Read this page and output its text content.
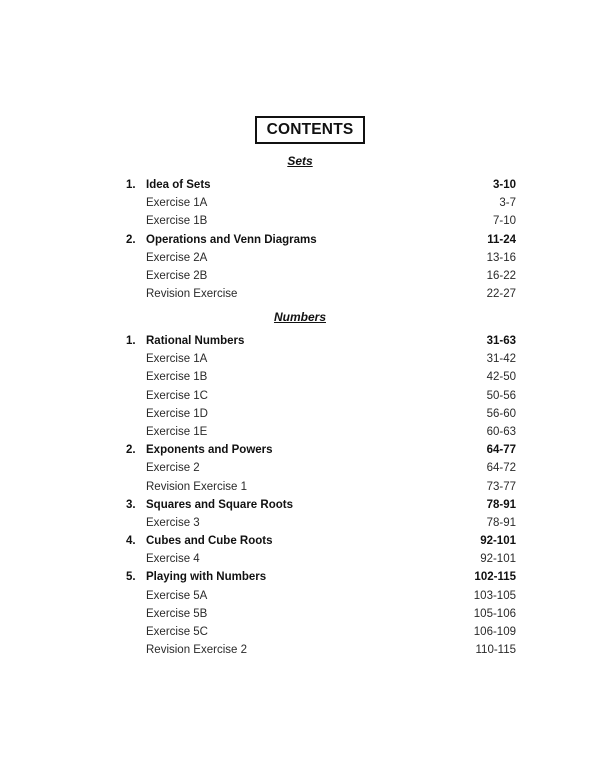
CONTENTS
Sets
1. Idea of Sets	3-10
Exercise 1A	3-7
Exercise 1B	7-10
2. Operations and Venn Diagrams	11-24
Exercise 2A	13-16
Exercise 2B	16-22
Revision Exercise	22-27
Numbers
1. Rational Numbers	31-63
Exercise 1A	31-42
Exercise 1B	42-50
Exercise 1C	50-56
Exercise 1D	56-60
Exercise 1E	60-63
2. Exponents and Powers	64-77
Exercise 2	64-72
Revision Exercise 1	73-77
3. Squares and Square Roots	78-91
Exercise 3	78-91
4. Cubes and Cube Roots	92-101
Exercise 4	92-101
5. Playing with Numbers	102-115
Exercise 5A	103-105
Exercise 5B	105-106
Exercise 5C	106-109
Revision Exercise 2	110-115
